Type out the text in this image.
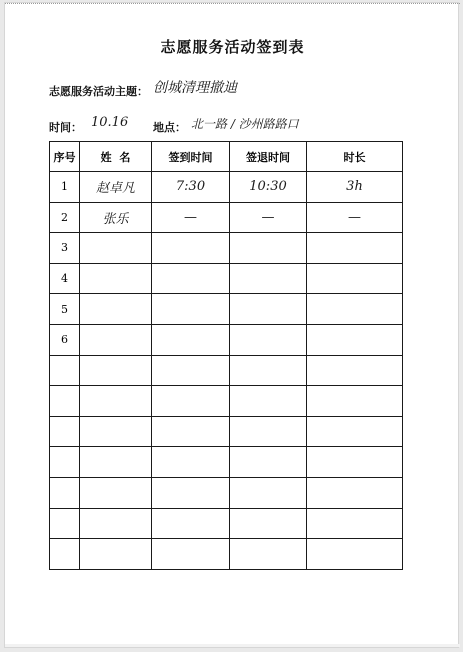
志愿服务活动签到表
志愿服务活动主题： 创城清理撤迪
时间： 10.16 地点： 北一路 / 沙州路路口
序号	姓  名	签到时间	签退时间	时长
1	赵卓凡	7:30	10:30	3h
2	张乐	—	—	—
3				
4				
5				
6				
